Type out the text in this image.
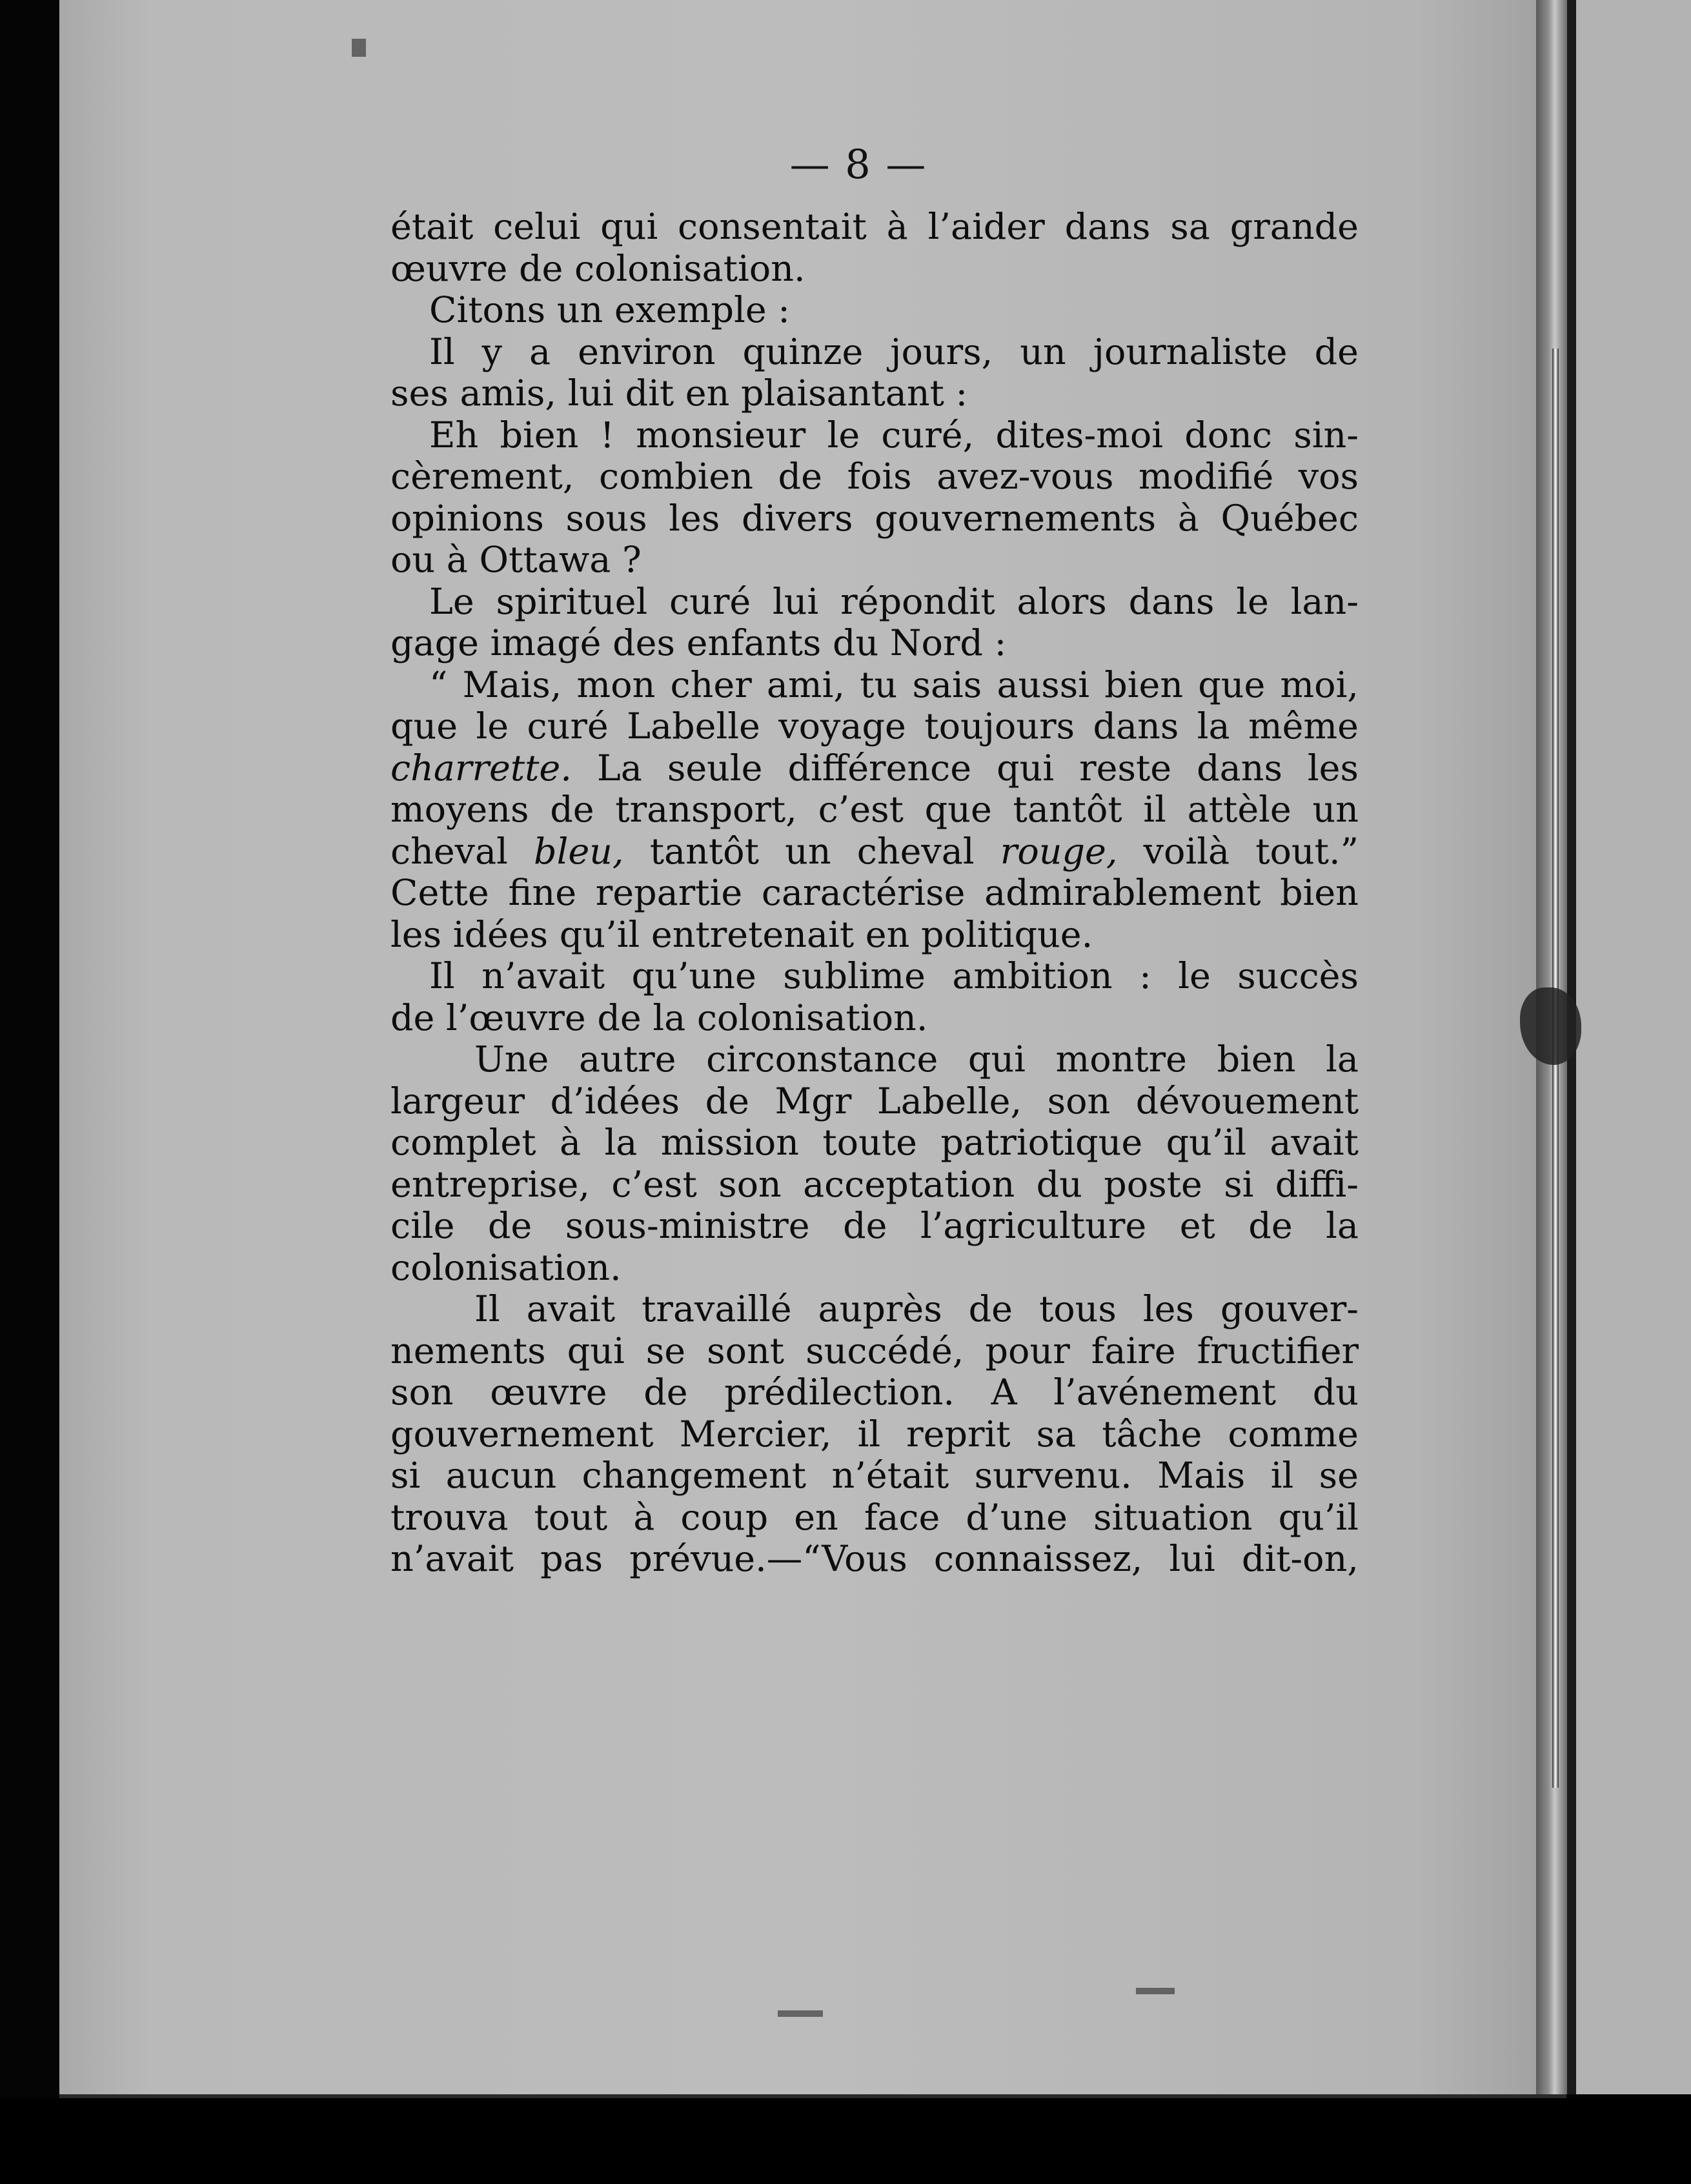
— 8 —
était celui qui consentait à l’aider dans sa grande
œuvre de colonisation.
Citons un exemple :
Il y a environ quinze jours, un journaliste de
ses amis, lui dit en plaisantant :
Eh bien ! monsieur le curé, dites-moi donc sin-
cèrement, combien de fois avez-vous modifié vos
opinions sous les divers gouvernements à Québec
ou à Ottawa ?
Le spirituel curé lui répondit alors dans le lan-
gage imagé des enfants du Nord :
“ Mais, mon cher ami, tu sais aussi bien que moi,
que le curé Labelle voyage toujours dans la même
charrette. La seule différence qui reste dans les
moyens de transport, c’est que tantôt il attèle un
cheval bleu, tantôt un cheval rouge, voilà tout.”
Cette fine repartie caractérise admirablement bien
les idées qu’il entretenait en politique.
Il n’avait qu’une sublime ambition : le succès
de l’œuvre de la colonisation.
Une autre circonstance qui montre bien la
largeur d’idées de Mgr Labelle, son dévouement
complet à la mission toute patriotique qu’il avait
entreprise, c’est son acceptation du poste si diffi-
cile de sous-ministre de l’agriculture et de la
colonisation.
Il avait travaillé auprès de tous les gouver-
nements qui se sont succédé, pour faire fructifier
son œuvre de prédilection. A l’avénement du
gouvernement Mercier, il reprit sa tâche comme
si aucun changement n’était survenu. Mais il se
trouva tout à coup en face d’une situation qu’il
n’avait pas prévue.—“Vous connaissez, lui dit-on,
